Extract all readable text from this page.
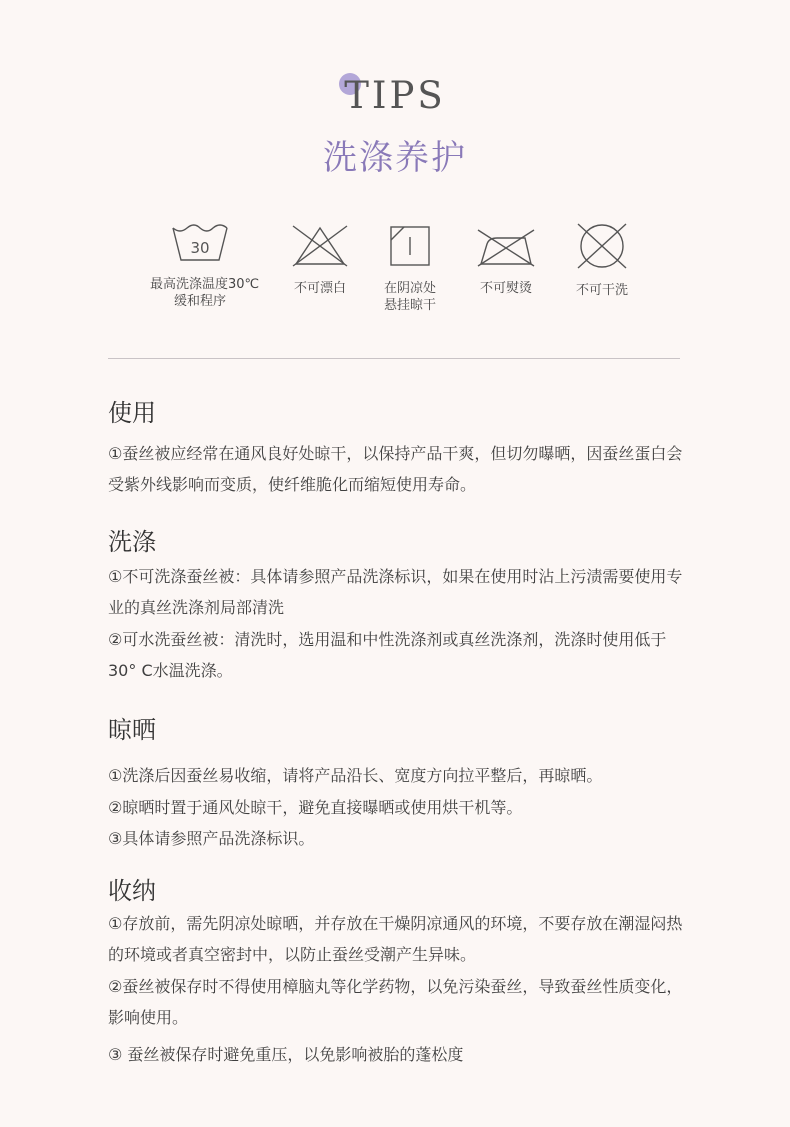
TIPS
洗涤养护
30
最高洗涤温度30℃
缓和程序
不可漂白	在阴凉处
悬挂晾干
不可熨烫	不可干洗
使用
①蚕丝被应经常在通风良好处晾干，以保持产品干爽，但切勿曝晒，因蚕丝蛋白会受紫外线影响而变质，使纤维脆化而缩短使用寿命。
洗涤
①不可洗涤蚕丝被：具体请参照产品洗涤标识，如果在使用时沾上污渍需要使用专业的真丝洗涤剂局部清洗
②可水洗蚕丝被：清洗时，选用温和中性洗涤剂或真丝洗涤剂，洗涤时使用低于30° C水温洗涤。
晾晒
①洗涤后因蚕丝易收缩，请将产品沿长、宽度方向拉平整后，再晾晒。
②晾晒时置于通风处晾干，避免直接曝晒或使用烘干机等。
③具体请参照产品洗涤标识。
收纳
①存放前，需先阴凉处晾晒，并存放在干燥阴凉通风的环境，不要存放在潮湿闷热的环境或者真空密封中，以防止蚕丝受潮产生异味。
②蚕丝被保存时不得使用樟脑丸等化学药物，以免污染蚕丝，导致蚕丝性质变化，影响使用。
③ 蚕丝被保存时避免重压，以免影响被胎的蓬松度
